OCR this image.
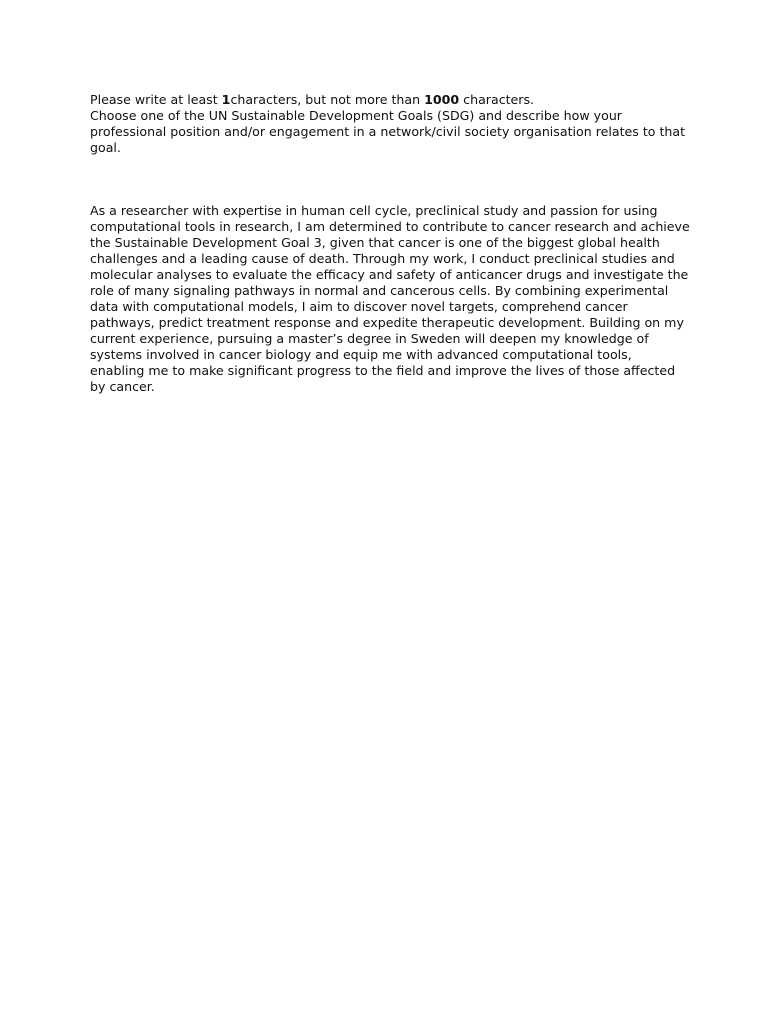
Please write at least 1characters, but not more than 1000 characters.

Choose one of the UN Sustainable Development Goals (SDG) and describe how your professional position and/or engagement in a network/civil society organisation relates to that goal.

As a researcher with expertise in human cell cycle, preclinical study and passion for using computational tools in research, I am determined to contribute to cancer research and achieve the Sustainable Development Goal 3, given that cancer is one of the biggest global health challenges and a leading cause of death. Through my work, I conduct preclinical studies and molecular analyses to evaluate the efficacy and safety of anticancer drugs and investigate the role of many signaling pathways in normal and cancerous cells. By combining experimental data with computational models, I aim to discover novel targets, comprehend cancer pathways, predict treatment response and expedite therapeutic development. Building on my current experience, pursuing a master’s degree in Sweden will deepen my knowledge of systems involved in cancer biology and equip me with advanced computational tools, enabling me to make significant progress to the field and improve the lives of those affected by cancer.
